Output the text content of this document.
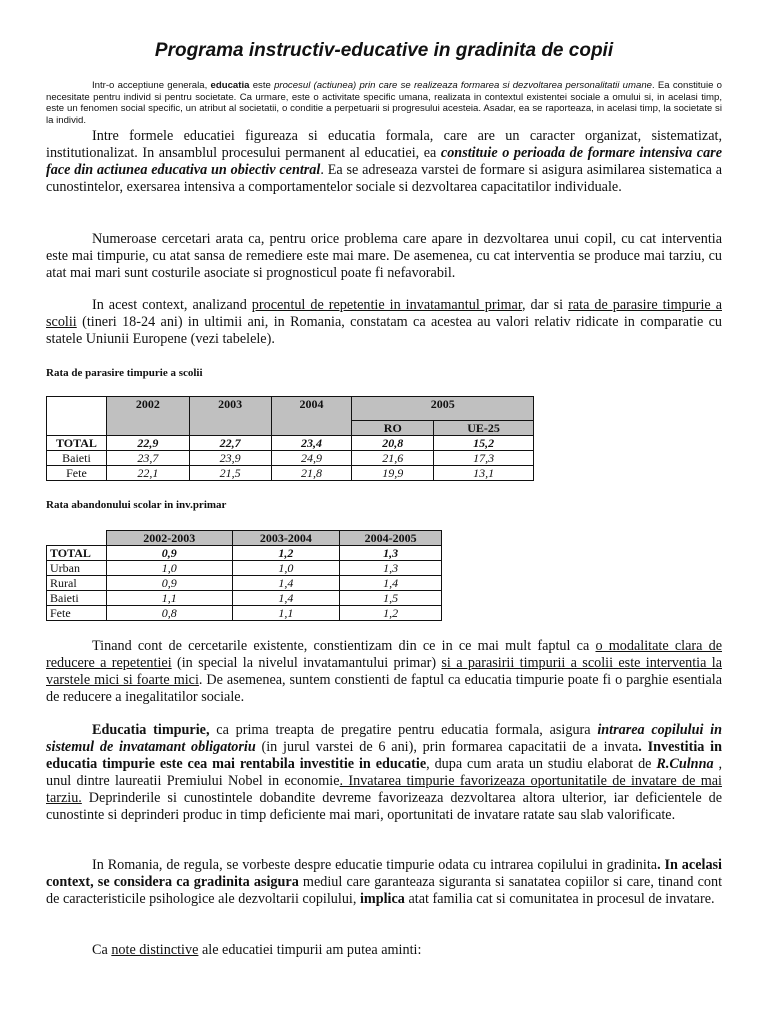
Programa instructiv-educative in gradinita de copii
Intr-o acceptiune generala, educatia este procesul (actiunea) prin care se realizeaza formarea si dezvoltarea personalitatii umane. Ea constituie o necesitate pentru individ si pentru societate. Ca urmare, este o activitate specific umana, realizata in contextul existentei sociale a omului si, in acelasi timp, este un fenomen social specific, un atribut al societatii, o conditie a perpetuarii si progresului acesteia. Asadar, ea se raporteaza, in acelasi timp, la societate si la individ.
Intre formele educatiei figureaza si educatia formala, care are un caracter organizat, sistematizat, institutionalizat. In ansamblul procesului permanent al educatiei, ea constituie o perioada de formare intensiva care face din actiunea educativa un obiectiv central. Ea se adreseaza varstei de formare si asigura asimilarea sistematica a cunostintelor, exersarea intensiva a comportamentelor sociale si dezvoltarea capacitatilor individuale.
Numeroase cercetari arata ca, pentru orice problema care apare in dezvoltarea unui copil, cu cat interventia este mai timpurie, cu atat sansa de remediere este mai mare. De asemenea, cu cat interventia se produce mai tarziu, cu atat mai mari sunt costurile asociate si prognosticul poate fi nefavorabil.
In acest context, analizand procentul de repetentie in invatamantul primar, dar si rata de parasire timpurie a scolii (tineri 18-24 ani) in ultimii ani, in Romania, constatam ca acestea au valori relativ ridicate in comparatie cu statele Uniunii Europene (vezi tabelele).
Rata de parasire timpurie a scolii
	2002	2003	2004	2005	
				RO	UE-25
TOTAL	22,9	22,7	23,4	20,8	15,2
Baieti	23,7	23,9	24,9	21,6	17,3
Fete	22,1	21,5	21,8	19,9	13,1
Rata abandonului scolar in inv.primar
	2002-2003	2003-2004	2004-2005
TOTAL	0,9	1,2	1,3
Urban	1,0	1,0	1,3
Rural	0,9	1,4	1,4
Baieti	1,1	1,4	1,5
Fete	0,8	1,1	1,2
Tinand cont de cercetarile existente, constientizam din ce in ce mai mult faptul ca o modalitate clara de reducere a repetentiei (in special la nivelul invatamantului primar) si a parasirii timpurii a scolii este interventia la varstele mici si foarte mici. De asemenea, suntem constienti de faptul ca educatia timpurie poate fi o parghie esentiala de reducere a inegalitatilor sociale.
Educatia timpurie, ca prima treapta de pregatire pentru educatia formala, asigura intrarea copilului in sistemul de invatamant obligatoriu (in jurul varstei de 6 ani), prin formarea capacitatii de a invata. Investitia in educatia timpurie este cea mai rentabila investitie in educatie, dupa cum arata un studiu elaborat de R.Culnna , unul dintre laureatii Premiului Nobel in economie. Invatarea timpurie favorizeaza oportunitatile de invatare de mai tarziu. Deprinderile si cunostintele dobandite devreme favorizeaza dezvoltarea altora ulterior, iar deficientele de cunostinte si deprinderi produc in timp deficiente mai mari, oportunitati de invatare ratate sau slab valorificate.
In Romania, de regula, se vorbeste despre educatie timpurie odata cu intrarea copilului in gradinita. In acelasi context, se considera ca gradinita asigura mediul care garanteaza siguranta si sanatatea copiilor si care, tinand cont de caracteristicile psihologice ale dezvoltarii copilului, implica atat familia cat si comunitatea in procesul de invatare.
Ca note distinctive ale educatiei timpurii am putea aminti:
